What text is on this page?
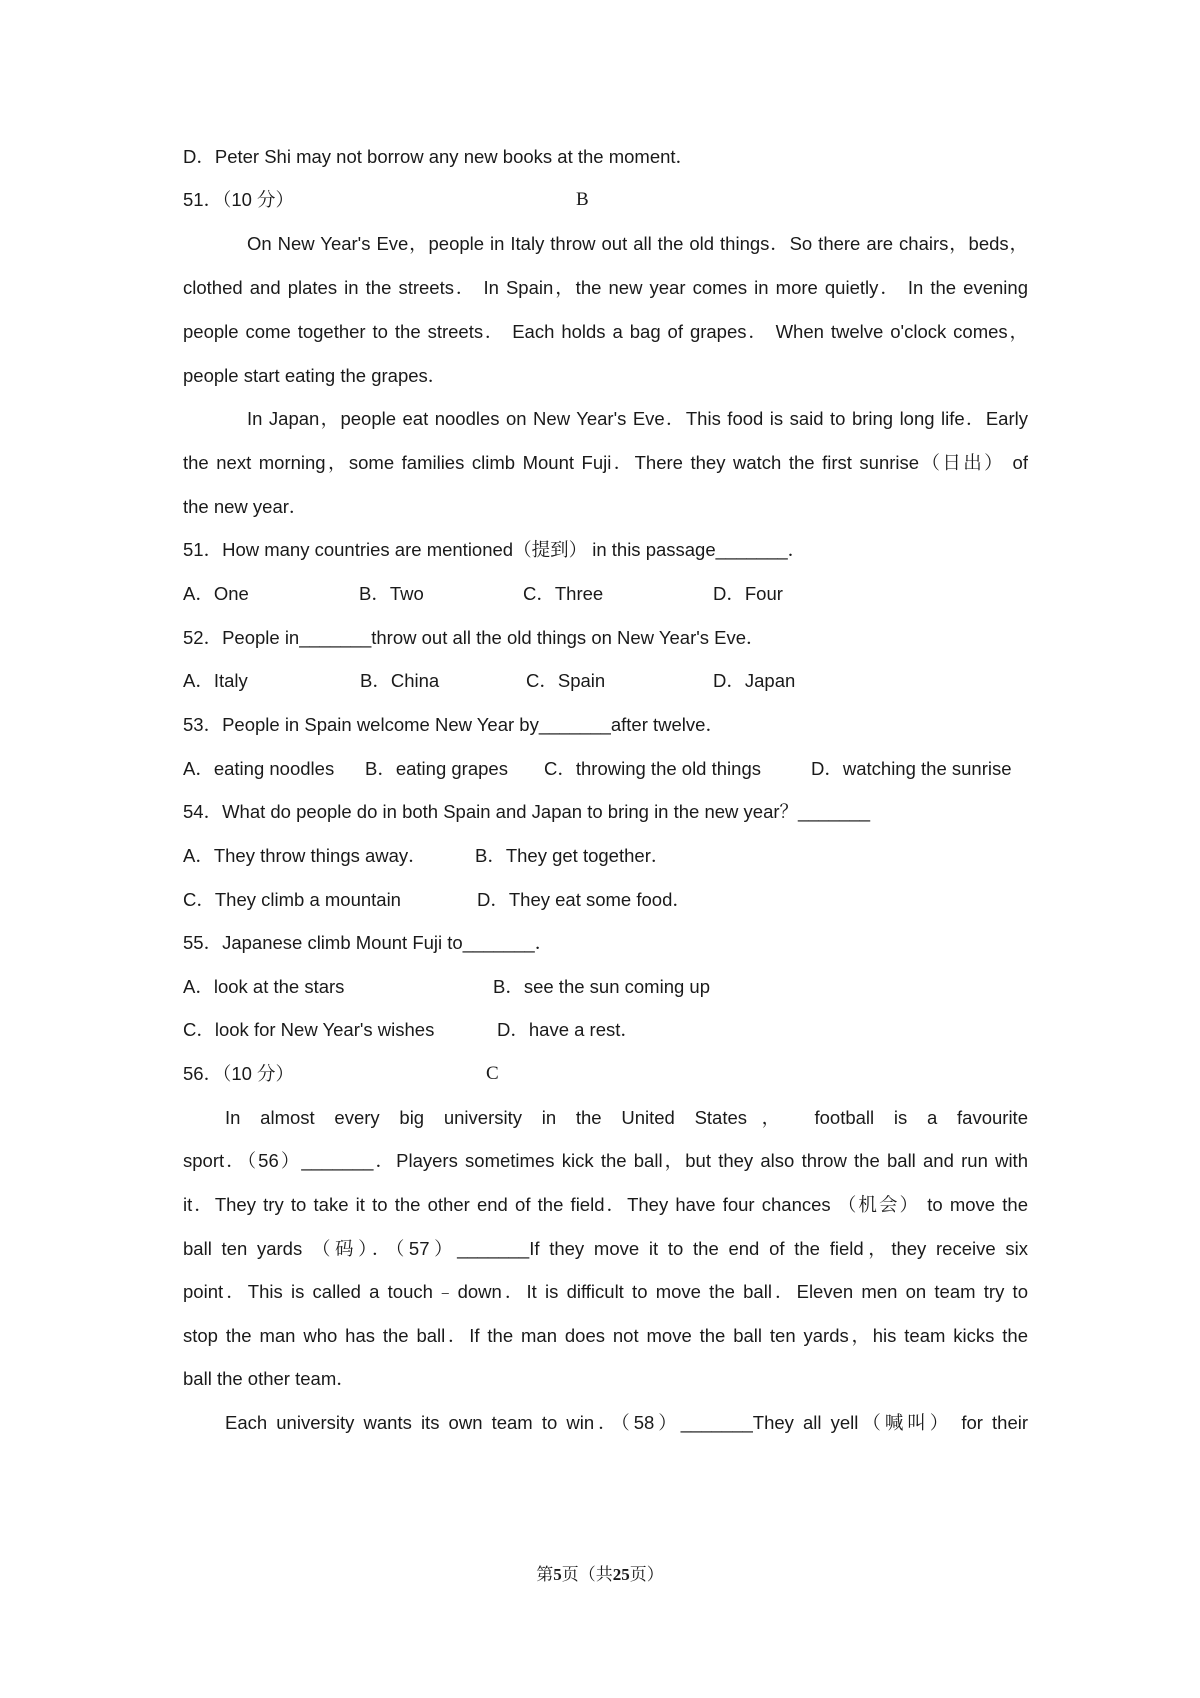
D．Peter Shi may not borrow any new books at the moment．
51．（10 分）	B
On New Year's Eve，people in Italy throw out all the old things．So there are chairs，beds，
clothed and plates in the streets． In Spain，the new year comes in more quietly． In the evening
people come together to the streets． Each holds a bag of grapes． When twelve o'clock comes，
people start eating the grapes．
In Japan，people eat noodles on New Year's Eve．This food is said to bring long life．Early
the next morning，some families climb Mount Fuji．There they watch the first sunrise（日出） of
the new year．
51．How many countries are mentioned（提到） in this passage_______．
A．One	B．Two	C．Three	D．Four
52．People in_______throw out all the old things on New Year's Eve．
A．Italy	B．China	C．Spain	D．Japan
53．People in Spain welcome New Year by_______after twelve．
A．eating noodles B．eating grapes C．throwing the old things	D．watching the sunrise
54．What do people do in both Spain and Japan to bring in the new year？_______
A．They throw things away．	B．They get together．
C．They climb a mountain	D．They eat some food．
55．Japanese climb Mount Fuji to_______．
A．look at the stars	B．see the sun coming up
C．look for New Year's wishes	D．have a rest．
56．（10 分）	C
In almost every big university in the United States， football is a favourite
sport．（56）_______．Players sometimes kick the ball，but they also throw the ball and run with
it．They try to take it to the other end of the field．They have four chances （机会） to move the
ball ten yards （码）．（57）_______If they move it to the end of the field，they receive six
point．This is called a touch﹣down．It is difficult to move the ball．Eleven men on team try to
stop the man who has the ball．If the man does not move the ball ten yards，his team kicks the
ball the other team．
Each university wants its own team to win．（58）_______They all yell（喊叫） for their
第5页（共25页）
